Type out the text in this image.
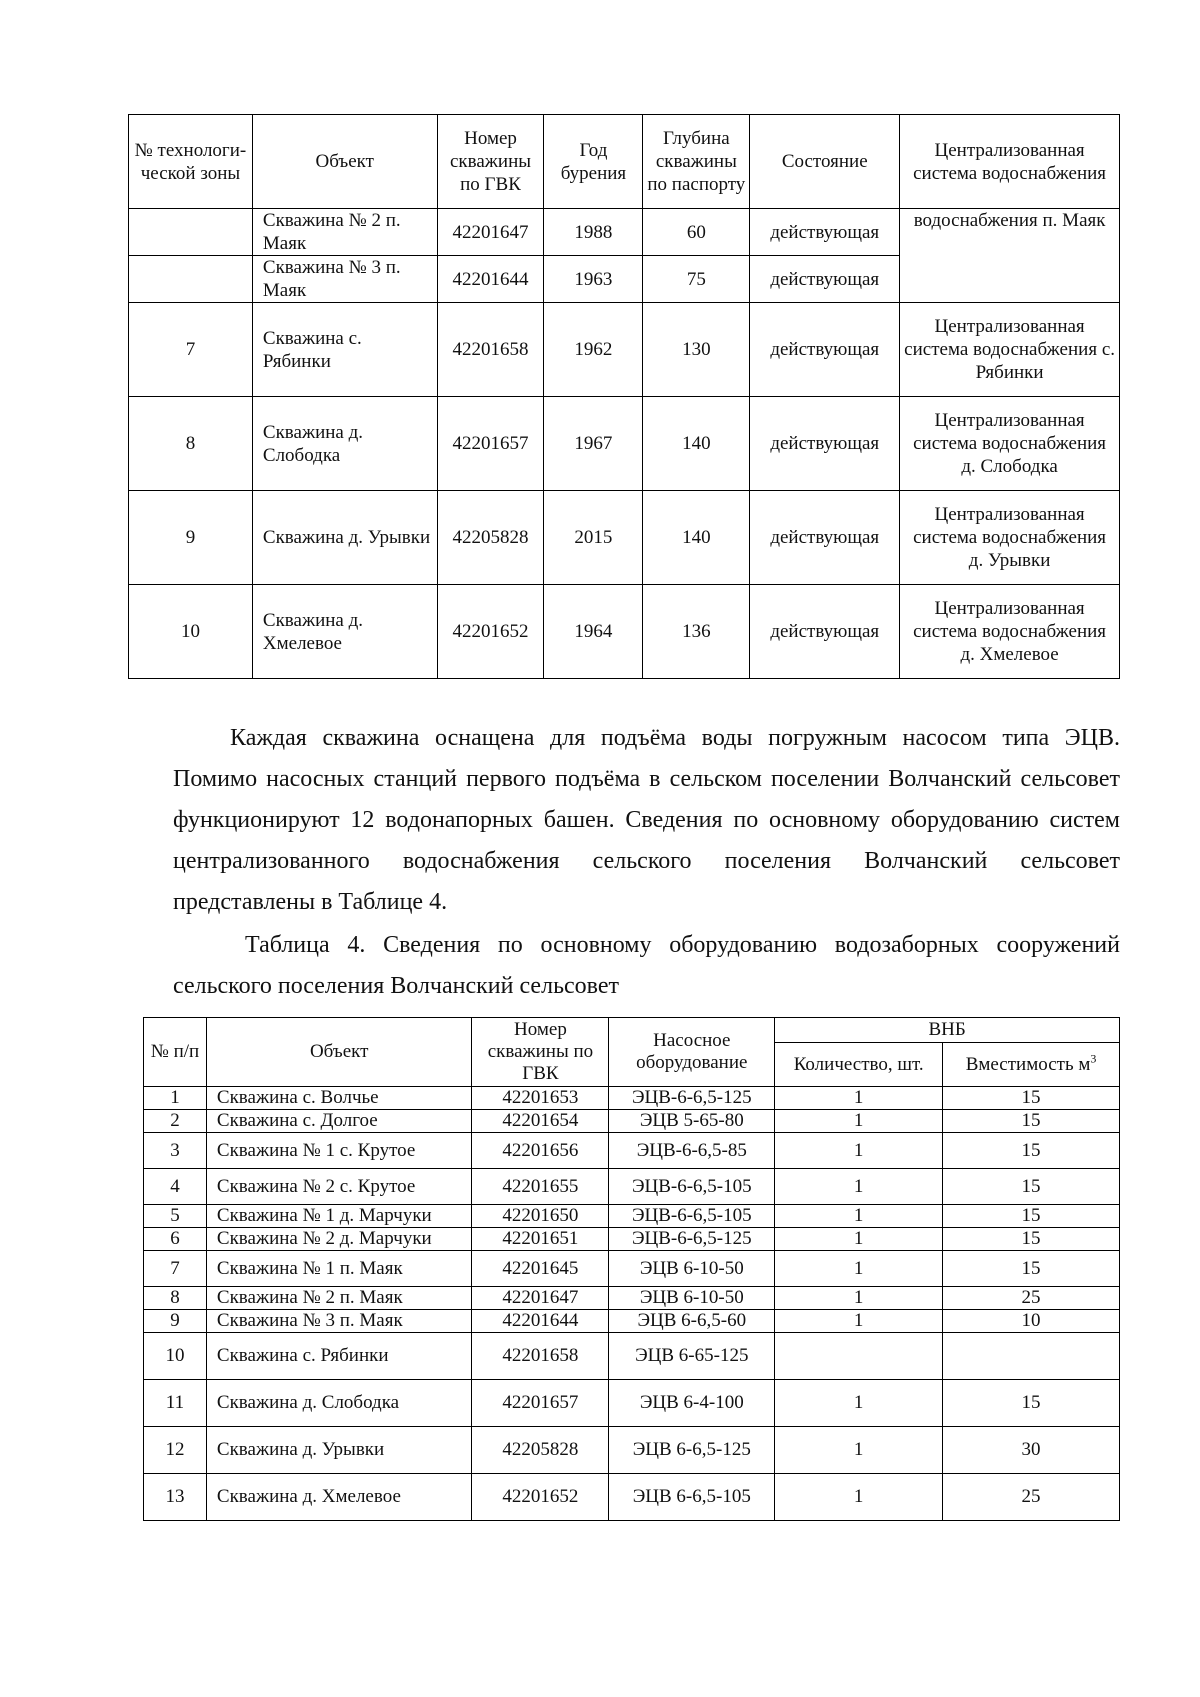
№ технологи-ческой зоны	Объект	Номер скважины по ГВК	Год бурения	Глубина скважины по паспорту	Состояние	Централизованная система водоснабжения
	Скважина № 2 п. Маяк	42201647	1988	60	действующая	водоснабжения п. Маяк
	Скважина № 3 п. Маяк	42201644	1963	75	действующая	
7	Скважина с. Рябинки	42201658	1962	130	действующая	Централизованная система водоснабжения с. Рябинки
8	Скважина д. Слободка	42201657	1967	140	действующая	Централизованная система водоснабжения д. Слободка
9	Скважина д. Урывки	42205828	2015	140	действующая	Централизованная система водоснабжения д. Урывки
10	Скважина д. Хмелевое	42201652	1964	136	действующая	Централизованная система водоснабжения д. Хмелевое
Каждая скважина оснащена для подъёма воды погружным насосом типа ЭЦВ. Помимо насосных станций первого подъёма в сельском поселении Волчанский сельсовет функционируют 12 водонапорных башен. Сведения по основному оборудованию систем централизованного водоснабжения сельского поселения Волчанский сельсовет представлены в Таблице 4.
Таблица 4. Сведения по основному оборудованию водозаборных сооружений сельского поселения Волчанский сельсовет
№ п/п	Объект	Номер скважины по ГВК	Насосное оборудование	ВНБ	
				Количество, шт.	Вместимость $м^3$
1	Скважина с. Волчье	42201653	ЭЦВ-6-6,5-125	1	15
2	Скважина с. Долгое	42201654	ЭЦВ 5-65-80	1	15
3	Скважина № 1 с. Крутое	42201656	ЭЦВ-6-6,5-85	1	15
4	Скважина № 2 с. Крутое	42201655	ЭЦВ-6-6,5-105	1	15
5	Скважина № 1 д. Марчуки	42201650	ЭЦВ-6-6,5-105	1	15
6	Скважина № 2 д. Марчуки	42201651	ЭЦВ-6-6,5-125	1	15
7	Скважина № 1 п. Маяк	42201645	ЭЦВ 6-10-50	1	15
8	Скважина № 2 п. Маяк	42201647	ЭЦВ 6-10-50	1	25
9	Скважина № 3 п. Маяк	42201644	ЭЦВ 6-6,5-60	1	10
10	Скважина с. Рябинки	42201658	ЭЦВ 6-65-125		
11	Скважина д. Слободка	42201657	ЭЦВ 6-4-100	1	15
12	Скважина д. Урывки	42205828	ЭЦВ 6-6,5-125	1	30
13	Скважина д. Хмелевое	42201652	ЭЦВ 6-6,5-105	1	25
